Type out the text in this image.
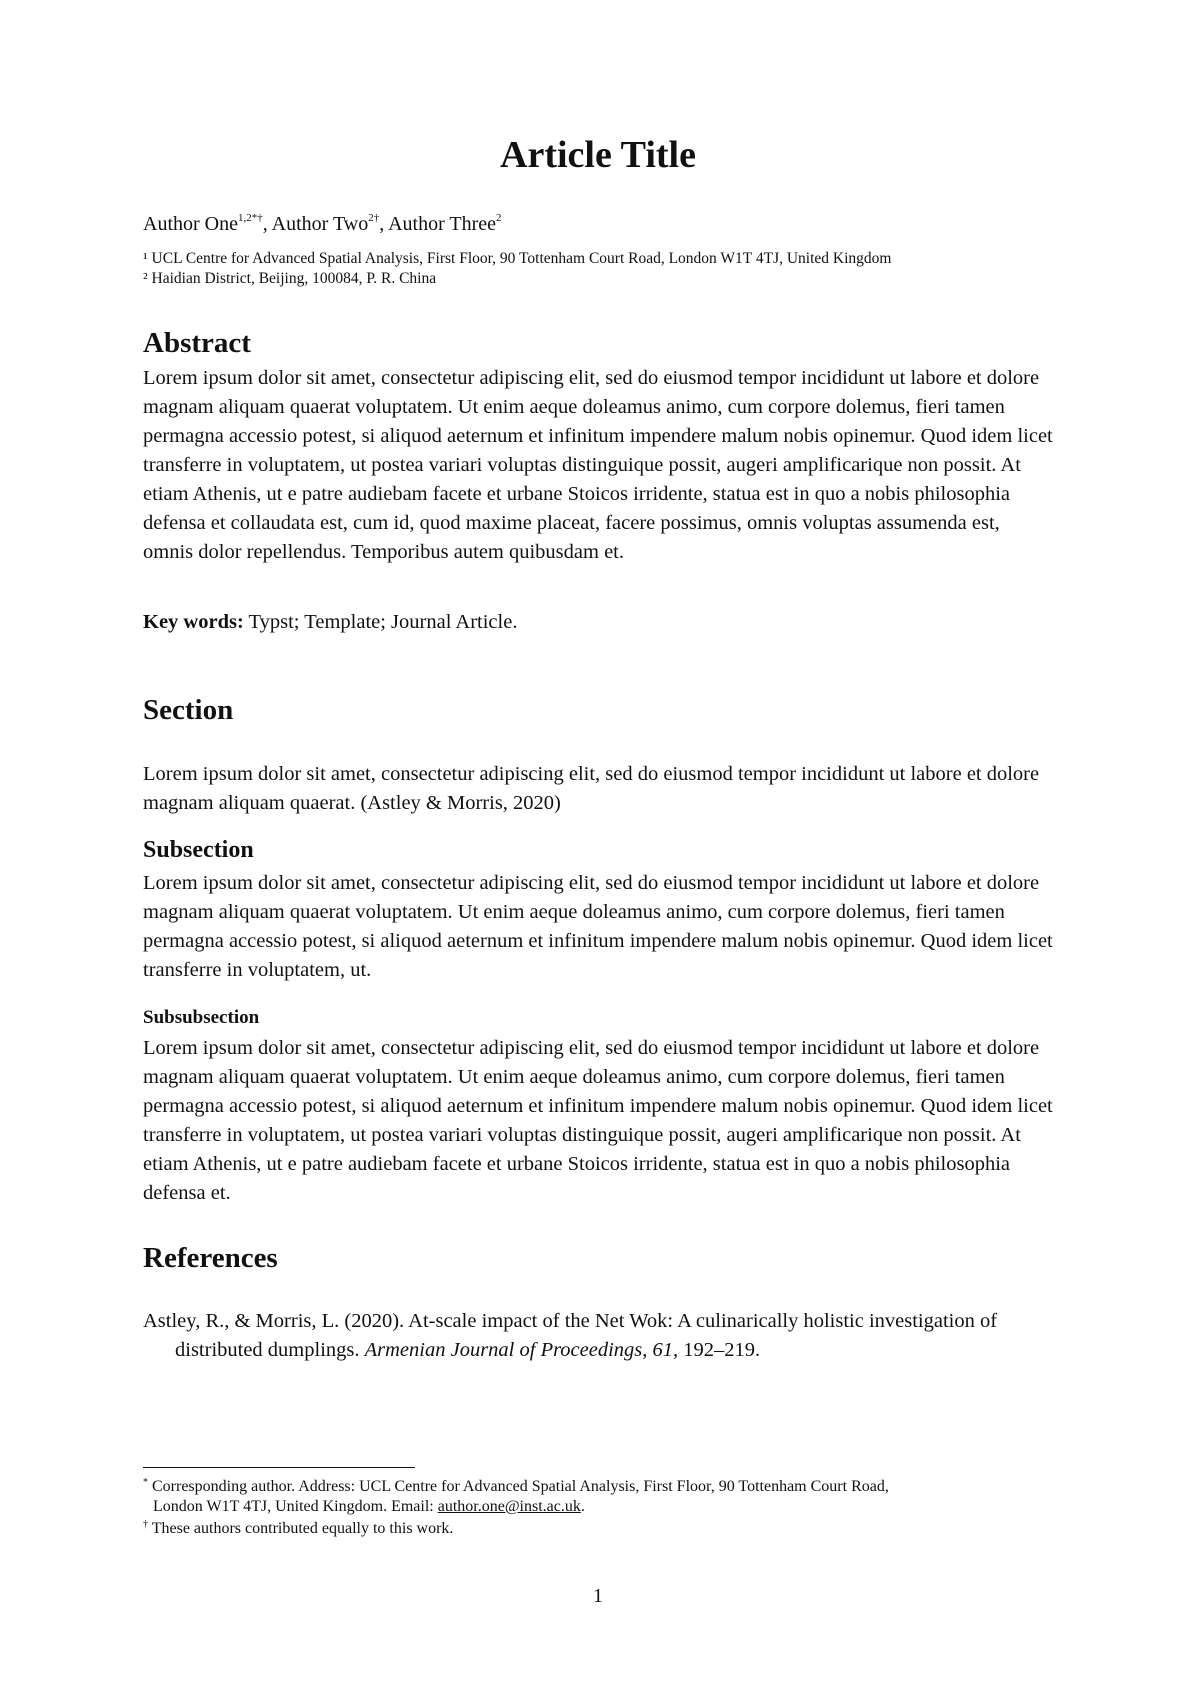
Article Title
Author One$^{1,2*\dagger}$, Author Two$^{2\dagger}$, Author Three$^2$
¹ UCL Centre for Advanced Spatial Analysis, First Floor, 90 Tottenham Court Road, London W1T 4TJ, United Kingdom
² Haidian District, Beijing, 100084, P. R. China
Abstract

Lorem ipsum dolor sit amet, consectetur adipiscing elit, sed do eiusmod tempor incididunt ut labore et dolore magnam aliquam quaerat voluptatem. Ut enim aeque doleamus animo, cum corpore dolemus, fieri tamen permagna accessio potest, si aliquod aeternum et infinitum impendere malum nobis opinemur. Quod idem licet transferre in voluptatem, ut postea variari voluptas distinguique possit, augeri amplificarique non possit. At etiam Athenis, ut e patre audiebam facete et urbane Stoicos irridente, statua est in quo a nobis philosophia defensa et collaudata est, cum id, quod maxime placeat, facere possimus, omnis voluptas assumenda est, omnis dolor repellendus. Temporibus autem quibusdam et.

Key words: Typst; Template; Journal Article.

Section

Lorem ipsum dolor sit amet, consectetur adipiscing elit, sed do eiusmod tempor incididunt ut labore et dolore magnam aliquam quaerat. (Astley & Morris, 2020)

Subsection

Lorem ipsum dolor sit amet, consectetur adipiscing elit, sed do eiusmod tempor incididunt ut labore et dolore magnam aliquam quaerat voluptatem. Ut enim aeque doleamus animo, cum corpore dolemus, fieri tamen permagna accessio potest, si aliquod aeternum et infinitum impendere malum nobis opinemur. Quod idem licet transferre in voluptatem, ut.

Subsubsection

Lorem ipsum dolor sit amet, consectetur adipiscing elit, sed do eiusmod tempor incididunt ut labore et dolore magnam aliquam quaerat voluptatem. Ut enim aeque doleamus animo, cum corpore dolemus, fieri tamen permagna accessio potest, si aliquod aeternum et infinitum impendere malum nobis opinemur. Quod idem licet transferre in voluptatem, ut postea variari voluptas distinguique possit, augeri amplificarique non possit. At etiam Athenis, ut e patre audiebam facete et urbane Stoicos irridente, statua est in quo a nobis philosophia defensa et.

References

Astley, R., & Morris, L. (2020). At-scale impact of the Net Wok: A culinarically holistic investigation of distributed dumplings. Armenian Journal of Proceedings, 61, 192–219.

* Corresponding author. Address: UCL Centre for Advanced Spatial Analysis, First Floor, 90 Tottenham Court Road,
London W1T 4TJ, United Kingdom. Email: author.one@inst.ac.uk.
† These authors contributed equally to this work.
1
